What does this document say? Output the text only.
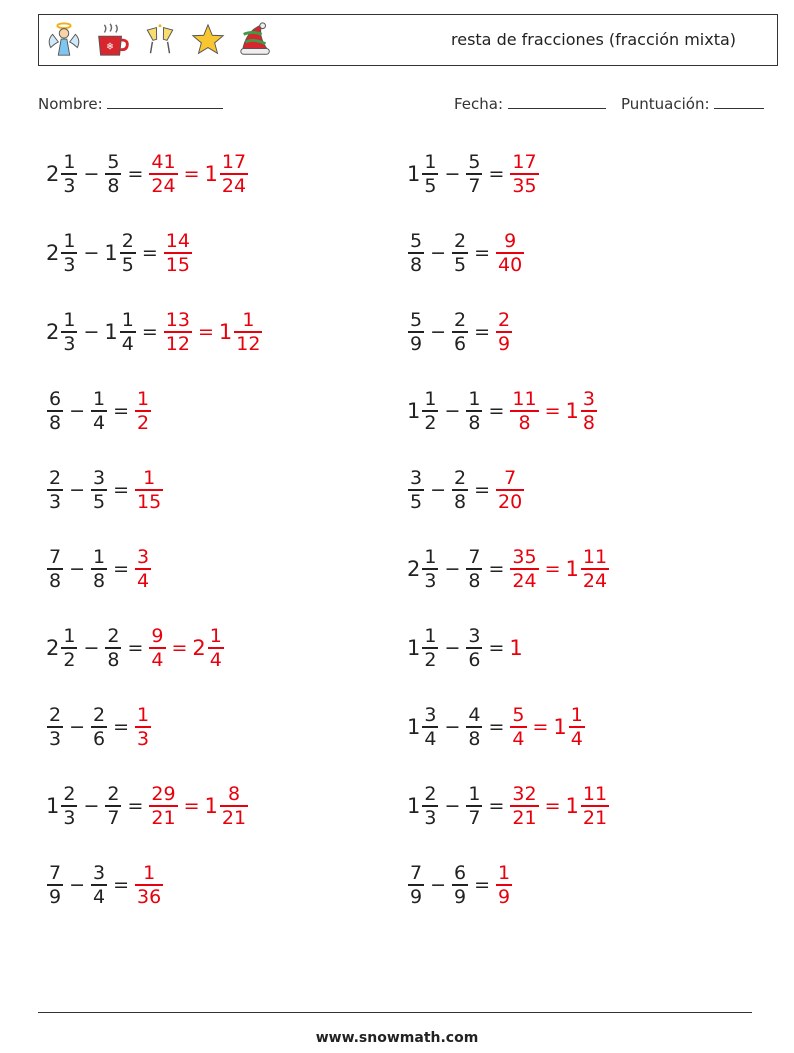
❄	resta de fracciones (fracción mixta)
Nombre:	Fecha:	Puntuación:
$2 \frac{1}{3} - \frac{5}{8} = \frac{41}{24} = 1 \frac{17}{24}$	$1 \frac{1}{5} - \frac{5}{7} = \frac{17}{35}$
$2 \frac{1}{3} - 1 \frac{2}{5} = \frac{14}{15}$	$\frac{5}{8} - \frac{2}{5} = \frac{9}{40}$
$2 \frac{1}{3} - 1 \frac{1}{4} = \frac{13}{12} = 1 \frac{1}{12}$	$\frac{5}{9} - \frac{2}{6} = \frac{2}{9}$
$\frac{6}{8} - \frac{1}{4} = \frac{1}{2}$	$1 \frac{1}{2} - \frac{1}{8} = \frac{11}{8} = 1 \frac{3}{8}$
$\frac{2}{3} - \frac{3}{5} = \frac{1}{15}$	$\frac{3}{5} - \frac{2}{8} = \frac{7}{20}$
$\frac{7}{8} - \frac{1}{8} = \frac{3}{4}$	$2 \frac{1}{3} - \frac{7}{8} = \frac{35}{24} = 1 \frac{11}{24}$
$2 \frac{1}{2} - \frac{2}{8} = \frac{9}{4} = 2 \frac{1}{4}$	$1 \frac{1}{2} - \frac{3}{6} = 1$
$\frac{2}{3} - \frac{2}{6} = \frac{1}{3}$	$1 \frac{3}{4} - \frac{4}{8} = \frac{5}{4} = 1 \frac{1}{4}$
$1 \frac{2}{3} - \frac{2}{7} = \frac{29}{21} = 1 \frac{8}{21}$	$1 \frac{2}{3} - \frac{1}{7} = \frac{32}{21} = 1 \frac{11}{21}$
$\frac{7}{9} - \frac{3}{4} = \frac{1}{36}$	$\frac{7}{9} - \frac{6}{9} = \frac{1}{9}$
www.snowmath.com
